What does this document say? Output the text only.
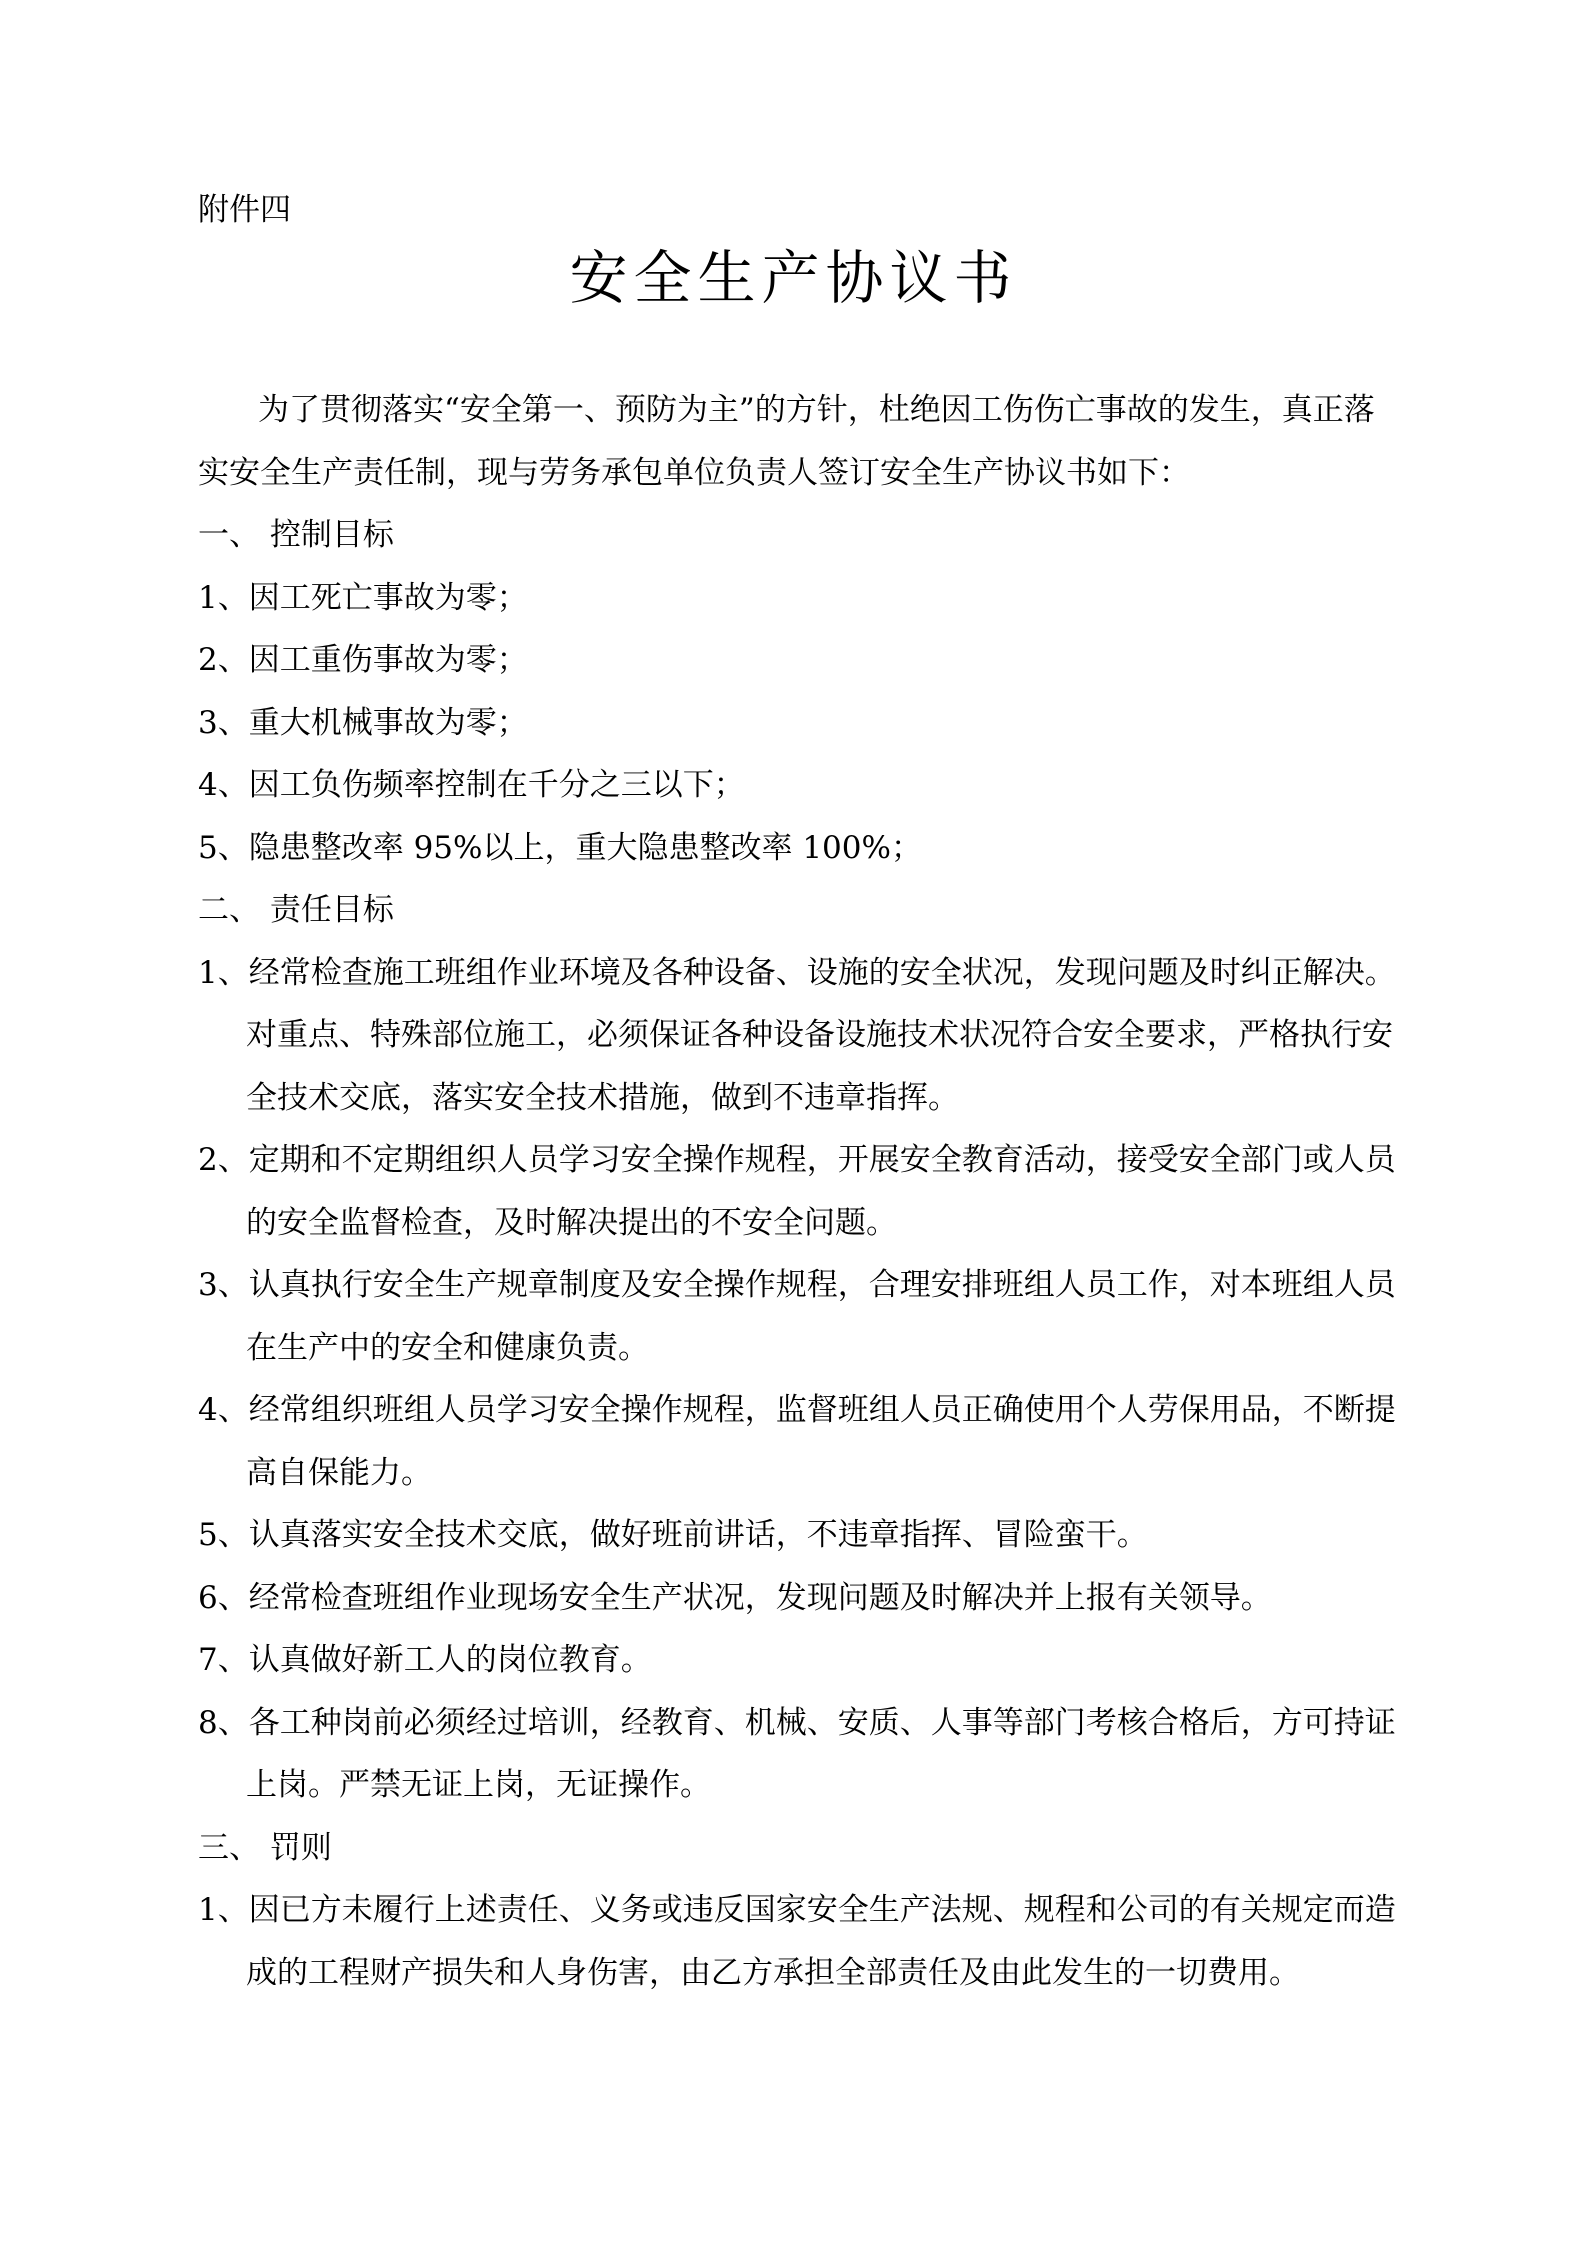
附件四
安全生产协议书
为了贯彻落实“安全第一、预防为主”的方针，杜绝因工伤伤亡事故的发生，真正落
实安全生产责任制，现与劳务承包单位负责人签订安全生产协议书如下：
一、 控制目标
1、因工死亡事故为零；
2、因工重伤事故为零；
3、重大机械事故为零；
4、因工负伤频率控制在千分之三以下；
5、隐患整改率 95%以上，重大隐患整改率 100%；
二、 责任目标
1、经常检查施工班组作业环境及各种设备、设施的安全状况，发现问题及时纠正解决。
对重点、特殊部位施工，必须保证各种设备设施技术状况符合安全要求，严格执行安
全技术交底，落实安全技术措施，做到不违章指挥。
2、定期和不定期组织人员学习安全操作规程，开展安全教育活动，接受安全部门或人员
的安全监督检查，及时解决提出的不安全问题。
3、认真执行安全生产规章制度及安全操作规程，合理安排班组人员工作，对本班组人员
在生产中的安全和健康负责。
4、经常组织班组人员学习安全操作规程，监督班组人员正确使用个人劳保用品，不断提
高自保能力。
5、认真落实安全技术交底，做好班前讲话，不违章指挥、冒险蛮干。
6、经常检查班组作业现场安全生产状况，发现问题及时解决并上报有关领导。
7、认真做好新工人的岗位教育。
8、各工种岗前必须经过培训，经教育、机械、安质、人事等部门考核合格后，方可持证
上岗。严禁无证上岗，无证操作。
三、 罚则
1、因已方未履行上述责任、义务或违反国家安全生产法规、规程和公司的有关规定而造
成的工程财产损失和人身伤害，由乙方承担全部责任及由此发生的一切费用。
